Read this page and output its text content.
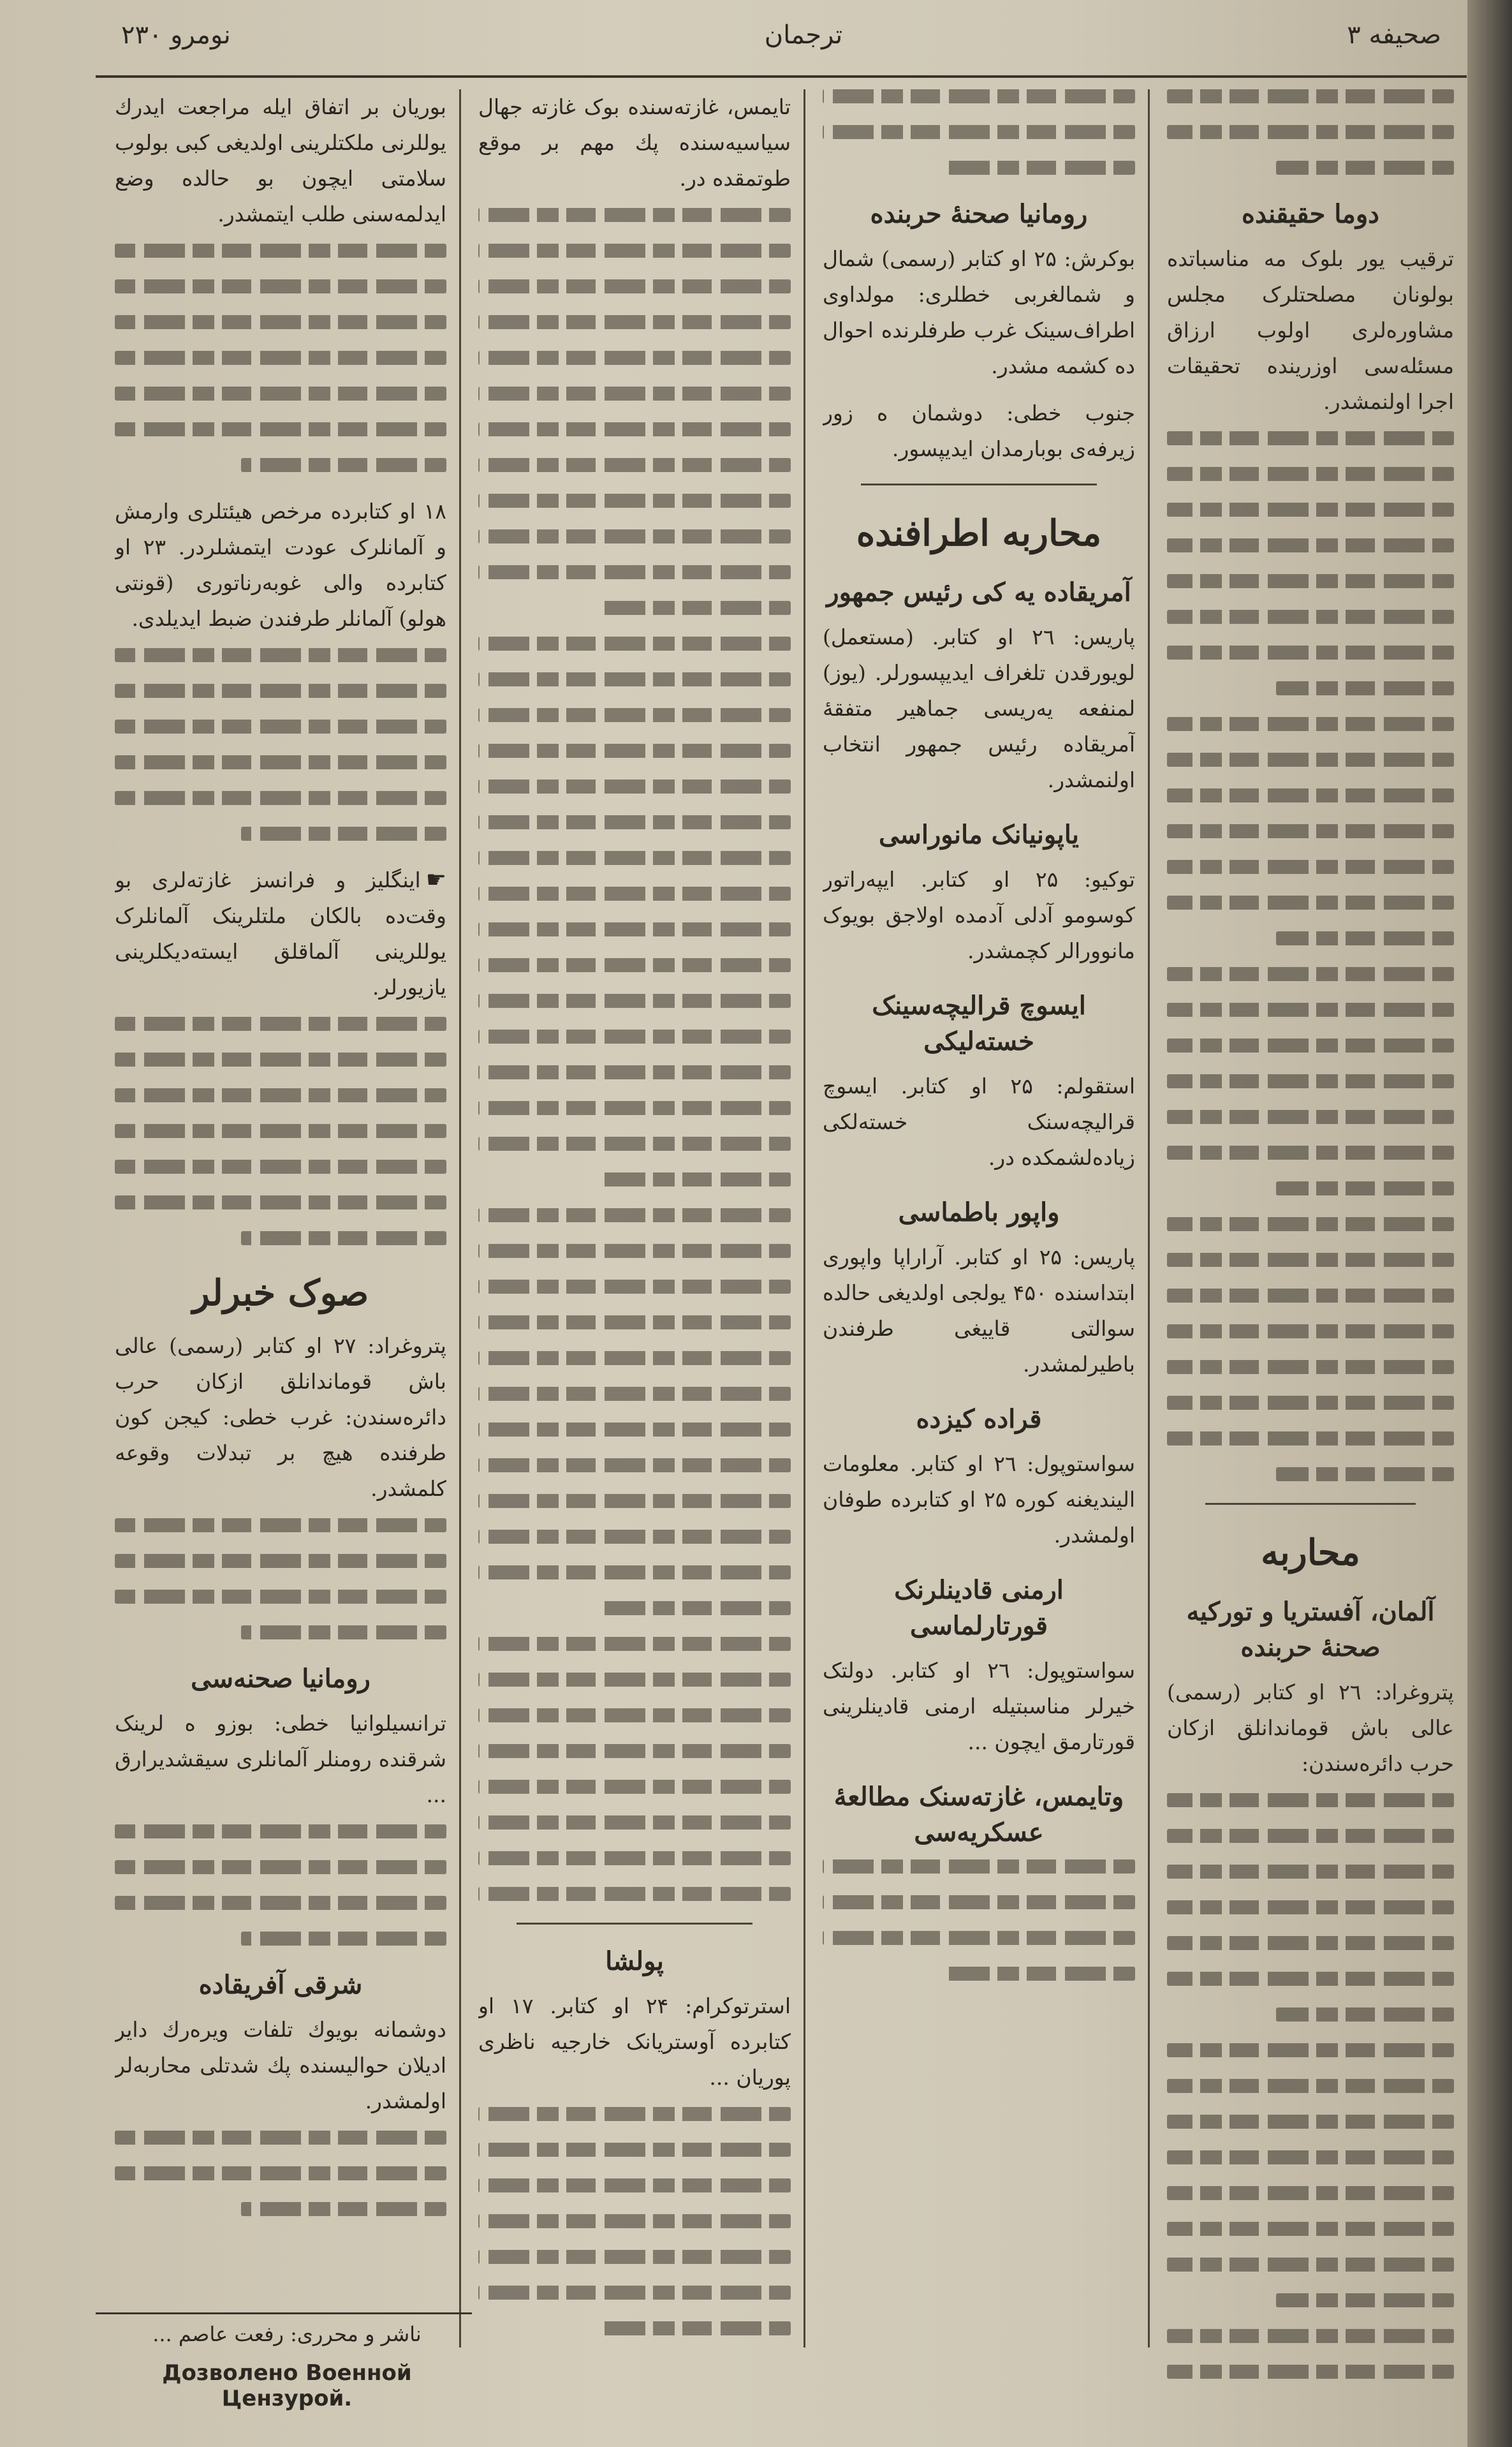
نومرو ۲۳۰	ترجمان	صحیفه ۳
دوما حقیقنده

ترقیب یور بلوک مه مناسباتده بولونان مصلحتلرک مجلس مشاوره‌لری اولوب ارزاق مسئله‌سی اوزرینده تحقیقات اجرا اولنمشدر.

محاربه
آلمان، آفستریا و تورکیه صحنهٔ حربنده

پتروغراد: ۲٦ او کتابر (رسمی) عالی باش قوماندانلق ازکان حرب دائره‌سندن:

رومانیا صحنهٔ حربنده

بوکرش: ۲۵ او کتابر (رسمی) شمال و شمالغربی خطلری: مولداوی اطراف‌سینک غرب طرفلرنده احوال ده کشمه مشدر.

جنوب خطی: دوشمان ه زور زیرفه‌ی بوبارمدان ایدیپسور.

محاربه اطرافنده
آمریقاده یه کی رئیس جمهور

پاریس: ۲٦ او کتابر. (مستعمل) لویورقدن تلغراف ایدیپسورلر. (یوز) لمنفعه یه‌ریسی جماهیر متفقهٔ آمریقاده رئیس جمهور انتخاب اولنمشدر.

یاپونیانک مانوراسی

توکیو: ۲۵ او کتابر. ایپه‌راتور کوسومو آدلی آدمده اولاجق بویوک مانوورالر کچمشدر.

ایسوچ قرالیچه‌سینک خسته‌لیکی

استقولم: ۲۵ او کتابر. ایسوچ قرالیچه‌سنک خسته‌لکی زیاده‌لشمکده در.

واپور باطماسی

پاریس: ۲۵ او کتابر. آراراپا واپوری ابتداسنده ۴۵۰ یولجی اولدیغی حالده سوالتی قاییغی طرفندن باطیرلمشدر.

قراده کیزده

سواستوپول: ۲٦ او کتابر. معلومات الیندیغنه کوره ۲۵ او کتابرده طوفان اولمشدر.

ارمنی قادینلرنک قورتارلماسی

سواستوپول: ۲٦ او کتابر. دولتک خیرلر مناسبتیله ارمنی قادینلرینی قورتارمق ایچون ...

وتایمس، غازته‌سنک مطالعهٔ عسکریه‌سی

تایمس، غازته‌سنده بوک غازته جهال سیاسیه‌سنده پك مهم بر موقع طوتمقده در.

پولشا

استرتوکرام: ۲۴ او کتابر. ۱۷ او کتابرده آوستریانک خارجیه ناظری پوریان ...

بوریان بر اتفاق ایله مراجعت ایدرك یوللرنی ملکتلرینی اولدیغی کبی بولوب سلامتی ایچون بو حالده وضع ایدلمه‌سنی طلب ایتمشدر.

۱۸ او کتابرده مرخص هیئتلری وارمش و آلمانلرک عودت ایتمشلردر. ۲۳ او کتابرده والی غوبه‌رناتوری (قونتی هولو) آلمانلر طرفندن ضبط ایدیلدی.

☛اینگلیز و فرانسز غازته‌لری بو وقت‌ده بالکان ملتلرینک آلمانلرک یوللرینی آلماقلق ایسته‌دیکلرینی یازیورلر.

صوک خبرلر

پتروغراد: ۲۷ او کتابر (رسمی) عالی باش قوماندانلق ازکان حرب دائره‌سندن: غرب خطی: کیجن کون طرفنده هیچ بر تبدلات وقوعه کلمشدر.

رومانیا صحنه‌سی

ترانسیلوانیا خطی: بوزو ه لرینک شرقنده رومنلر آلمانلری سیقشدیرارق ...

شرقی آفریقاده

دوشمانه بویوك تلفات ویره‌رك دایر ادیلان حوالیسنده پك شدتلی محاربه‌لر اولمشدر.

ناشر و محرری: رفعت عاصم ...
Дозволено Военной Цензурой.
